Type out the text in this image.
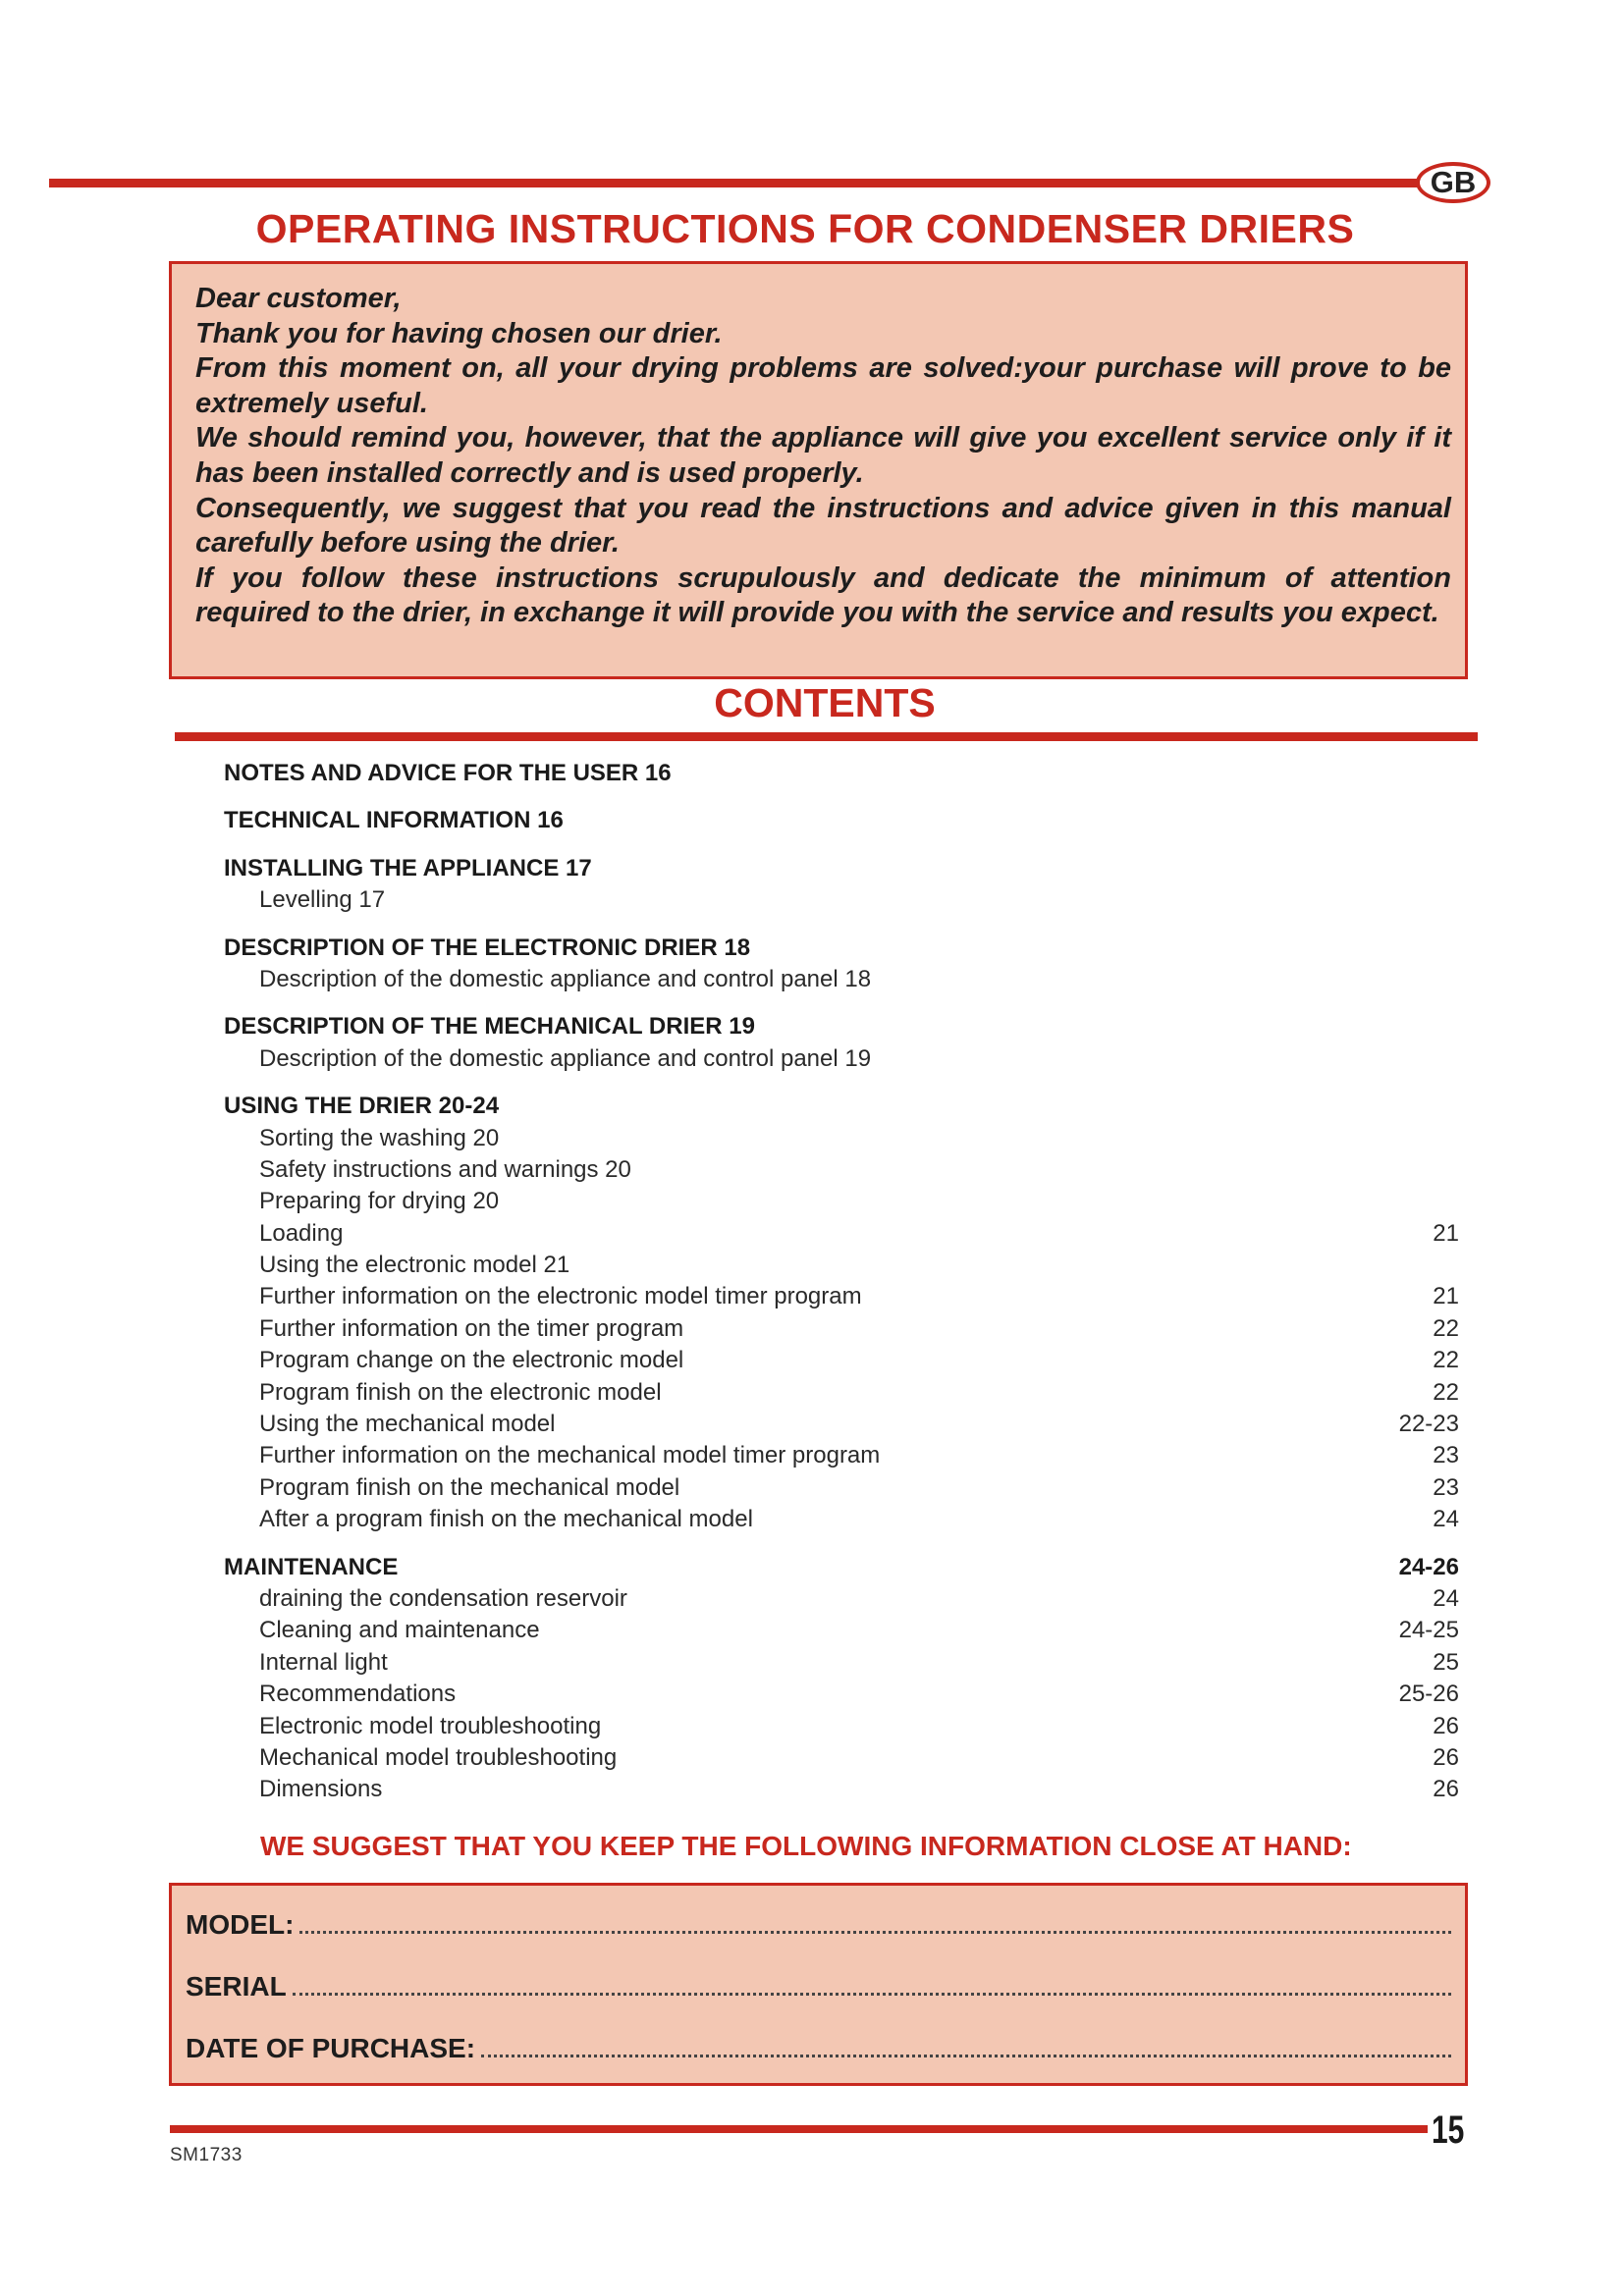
GB
OPERATING INSTRUCTIONS FOR CONDENSER DRIERS

Dear customer,

Thank you for having chosen our drier.

From this moment on, all your drying problems are solved:your purchase will prove to be extremely useful.

We should remind you, however, that the appliance will give you excellent service only if it has been installed correctly and is used properly.

Consequently, we suggest that you read the instructions and advice given in this manual carefully before using the drier.

If you follow these instructions scrupulously and dedicate the minimum of attention required to the drier, in exchange it will provide you with the service and results you expect.

CONTENTS
NOTES AND ADVICE FOR THE USER 16
TECHNICAL INFORMATION 16
INSTALLING THE APPLIANCE 17
Levelling 17
DESCRIPTION OF THE ELECTRONIC DRIER 18
Description of the domestic appliance and control panel 18
DESCRIPTION OF THE MECHANICAL DRIER 19
Description of the domestic appliance and control panel 19
USING THE DRIER 20-24
Sorting the washing 20
Safety instructions and warnings 20
Preparing for drying 20
Loading	21
Using the electronic model 21
Further information on the electronic model timer program	21
Further information on the timer program	22
Program change on the electronic model	22
Program finish on the electronic model	22
Using the mechanical model	22-23
Further information on the mechanical model timer program	23
Program finish on the mechanical model	23
After a program finish on the mechanical model	24
MAINTENANCE	24-26
draining the condensation reservoir	24
Cleaning and maintenance	24-25
Internal light	25
Recommendations	25-26
Electronic model troubleshooting	26
Mechanical model troubleshooting	26
Dimensions	26
WE SUGGEST THAT YOU KEEP THE FOLLOWING INFORMATION CLOSE AT HAND:
MODEL:
SERIAL
DATE OF PURCHASE:
15
SM1733
